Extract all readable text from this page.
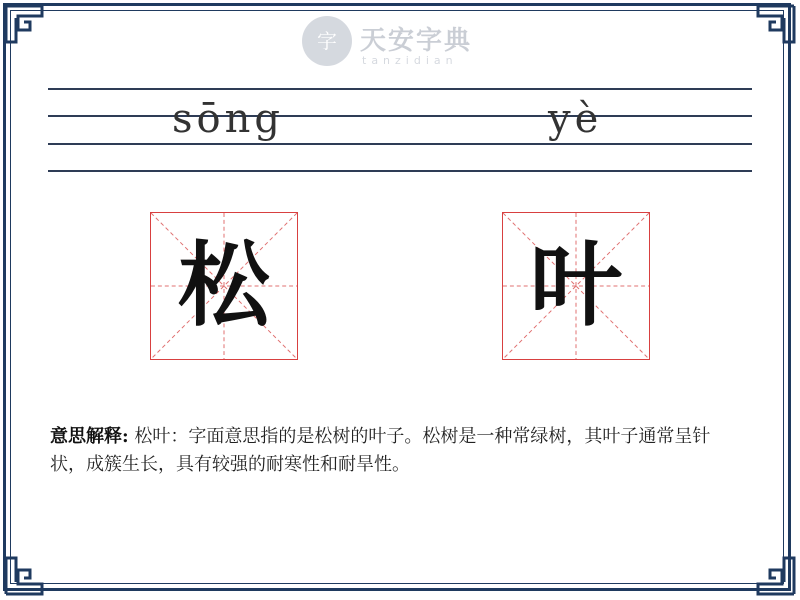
字 天安字典
tanzidian
sōng	yè
松	叶
意思解释: 松叶：字面意思指的是松树的叶子。松树是一种常绿树，其叶子通常呈针状，成簇生长，具有较强的耐寒性和耐旱性。
